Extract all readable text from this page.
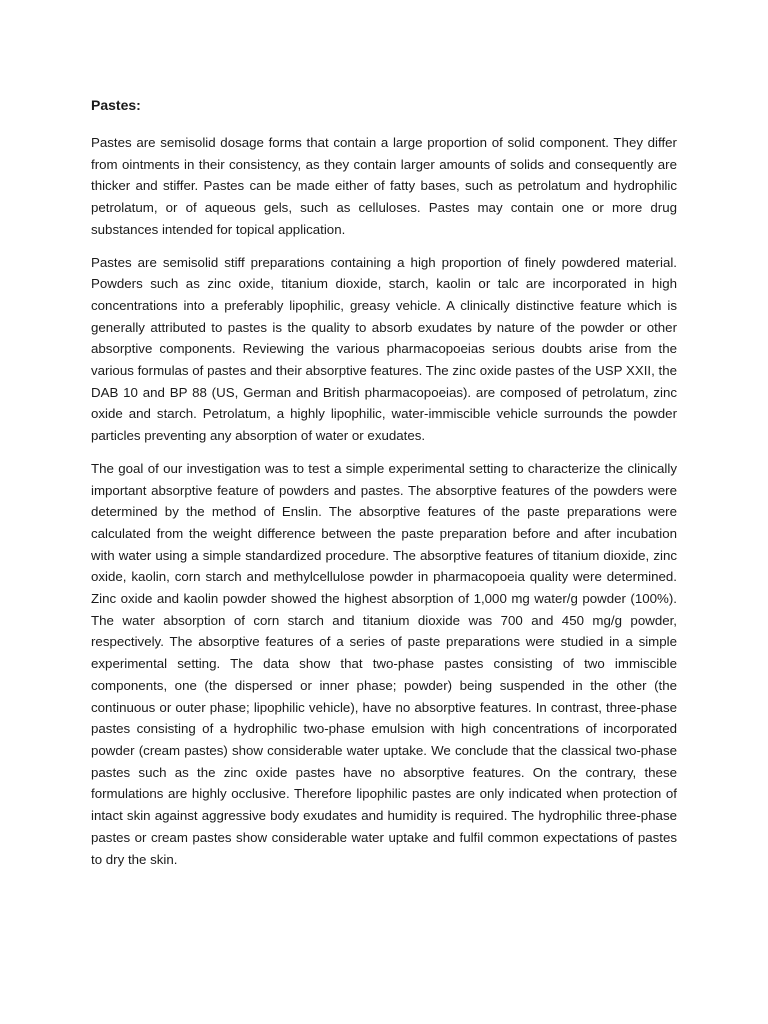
Pastes:

Pastes are semisolid dosage forms that contain a large proportion of solid component. They differ from ointments in their consistency, as they contain larger amounts of solids and consequently are thicker and stiffer. Pastes can be made either of fatty bases, such as petrolatum and hydrophilic petrolatum, or of aqueous gels, such as celluloses. Pastes may contain one or more drug substances intended for topical application.

Pastes are semisolid stiff preparations containing a high proportion of finely powdered material. Powders such as zinc oxide, titanium dioxide, starch, kaolin or talc are incorporated in high concentrations into a preferably lipophilic, greasy vehicle. A clinically distinctive feature which is generally attributed to pastes is the quality to absorb exudates by nature of the powder or other absorptive components. Reviewing the various pharmacopoeias serious doubts arise from the various formulas of pastes and their absorptive features. The zinc oxide pastes of the USP XXII, the DAB 10 and BP 88 (US, German and British pharmacopoeias). are composed of petrolatum, zinc oxide and starch. Petrolatum, a highly lipophilic, water-immiscible vehicle surrounds the powder particles preventing any absorption of water or exudates.

The goal of our investigation was to test a simple experimental setting to characterize the clinically important absorptive feature of powders and pastes. The absorptive features of the powders were determined by the method of Enslin. The absorptive features of the paste preparations were calculated from the weight difference between the paste preparation before and after incubation with water using a simple standardized procedure. The absorptive features of titanium dioxide, zinc oxide, kaolin, corn starch and methylcellulose powder in pharmacopoeia quality were determined. Zinc oxide and kaolin powder showed the highest absorption of 1,000 mg water/g powder (100%). The water absorption of corn starch and titanium dioxide was 700 and 450 mg/g powder, respectively. The absorptive features of a series of paste preparations were studied in a simple experimental setting. The data show that two-phase pastes consisting of two immiscible components, one (the dispersed or inner phase; powder) being suspended in the other (the continuous or outer phase; lipophilic vehicle), have no absorptive features. In contrast, three-phase pastes consisting of a hydrophilic two-phase emulsion with high concentrations of incorporated powder (cream pastes) show considerable water uptake. We conclude that the classical two-phase pastes such as the zinc oxide pastes have no absorptive features. On the contrary, these formulations are highly occlusive. Therefore lipophilic pastes are only indicated when protection of intact skin against aggressive body exudates and humidity is required. The hydrophilic three-phase pastes or cream pastes show considerable water uptake and fulfil common expectations of pastes to dry the skin.
